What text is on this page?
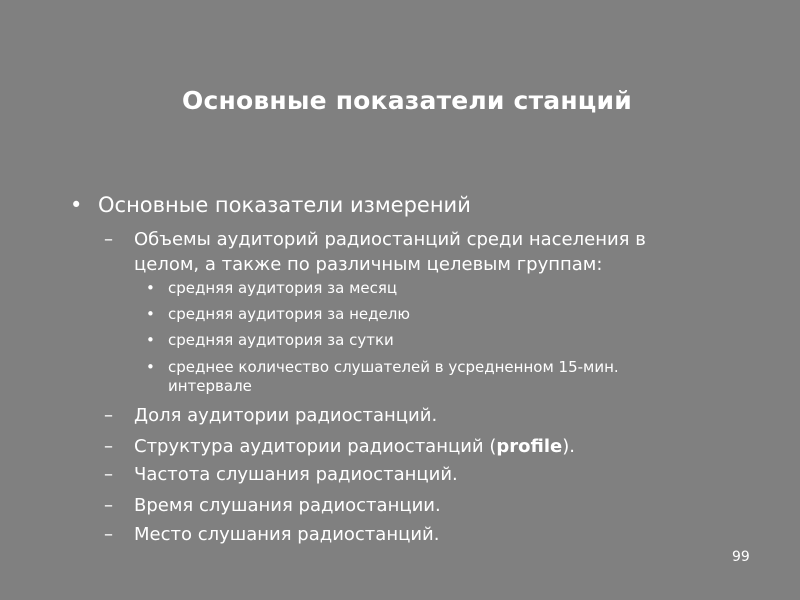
Основные показатели станций
• Основные показатели измерений
– Объемы аудиторий радиостанций среди населения в целом, а также по различным целевым группам:
• средняя аудитория за месяц
• средняя аудитория за неделю
• средняя аудитория за сутки
• среднее количество слушателей в усредненном 15-мин. интервале
– Доля аудитории радиостанций.
– Структура аудитории радиостанций (profile).
– Частота слушания радиостанций.
– Время слушания радиостанции.
– Место слушания радиостанций.
99
